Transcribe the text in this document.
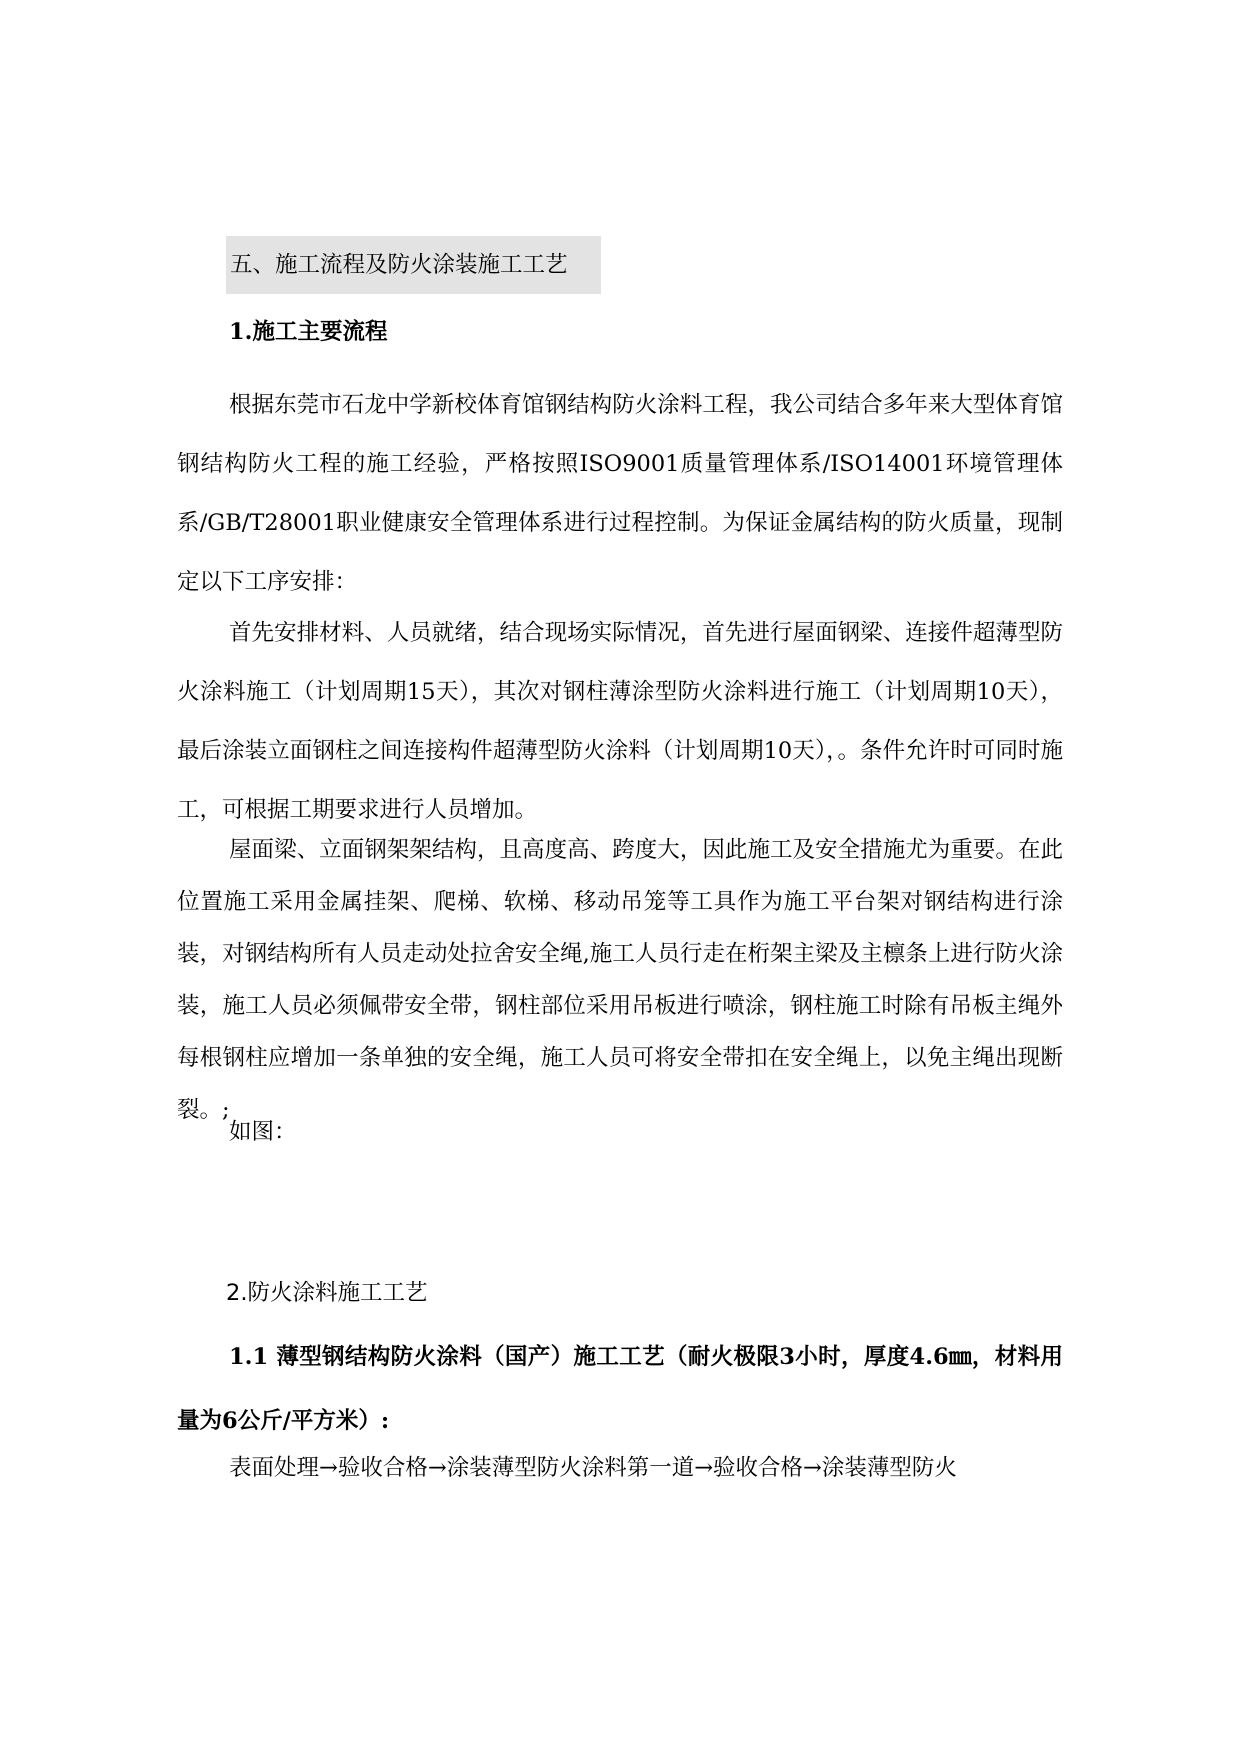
五、施工流程及防火涂装施工工艺
1.施工主要流程

根据东莞市石龙中学新校体育馆钢结构防火涂料工程，我公司结合多年来大型体育馆钢结构防火工程的施工经验，严格按照ISO9001质量管理体系/ISO14001环境管理体系/GB/T28001职业健康安全管理体系进行过程控制。为保证金属结构的防火质量，现制定以下工序安排：

首先安排材料、人员就绪，结合现场实际情况，首先进行屋面钢梁、连接件超薄型防火涂料施工（计划周期15天），其次对钢柱薄涂型防火涂料进行施工（计划周期10天），最后涂装立面钢柱之间连接构件超薄型防火涂料（计划周期10天），。条件允许时可同时施工，可根据工期要求进行人员增加。

屋面梁、立面钢架架结构，且高度高、跨度大，因此施工及安全措施尤为重要。在此位置施工采用金属挂架、爬梯、软梯、移动吊笼等工具作为施工平台架对钢结构进行涂装，对钢结构所有人员走动处拉舍安全绳,施工人员行走在桁架主梁及主檩条上进行防火涂装，施工人员必须佩带安全带，钢柱部位采用吊板进行喷涂，钢柱施工时除有吊板主绳外每根钢柱应增加一条单独的安全绳，施工人员可将安全带扣在安全绳上，以免主绳出现断裂。;

如图：

2.防火涂料施工工艺

1.1 薄型钢结构防火涂料（国产）施工工艺（耐火极限3小时，厚度4.6㎜，材料用量为6公斤/平方米）:

表面处理→验收合格→涂装薄型防火涂料第一道→验收合格→涂装薄型防火
